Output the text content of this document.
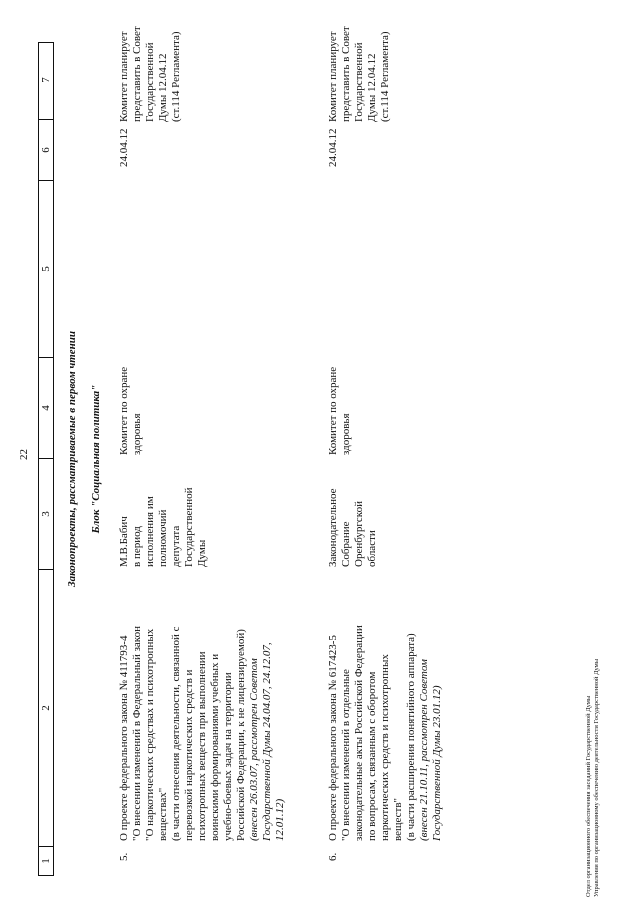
Отдел организационного обеспечения заседаний Государственной Думы Управления по организационному обеспечению деятельности Государственной Думы
22
1
2
3
4
5
6
7
Законопроекты, рассматриваемые в первом чтении Блок "Социальная политика"
5.
О проекте федерального закона № 411793-4 "О внесении изменений в Федеральный закон "О наркотических средствах и психотропных веществах" (в части отнесения деятельности, связанной с перевозкой наркотических средств и психотропных веществ при выполнении воинскими формированиями учебных и учебно-боевых задач на территории Российской Федерации, к не лицензируемой) (внесен 26.03.07, рассмотрен Советом Государственной Думы 24.04.07, 24.12.07, 12.01.12)
М.В.Бабич в период исполнения им полномочий депутата Государственной Думы
Комитет по охране здоровья
24.04.12
Комитет планирует представить в Совет Государственной Думы 12.04.12 (ст.114 Регламента)
6.
О проекте федерального закона № 617423-5 "О внесении изменений в отдельные законодательные акты Российской Федерации по вопросам, связанным с оборотом наркотических средств и психотропных веществ" (в части расширения понятийного аппарата) (внесен 21.10.11, рассмотрен Советом Государственной Думы 23.01.12)
Законодательное Собрание Оренбургской области
Комитет по охране здоровья
24.04.12
Комитет планирует представить в Совет Государственной Думы 12.04.12 (ст.114 Регламента)
